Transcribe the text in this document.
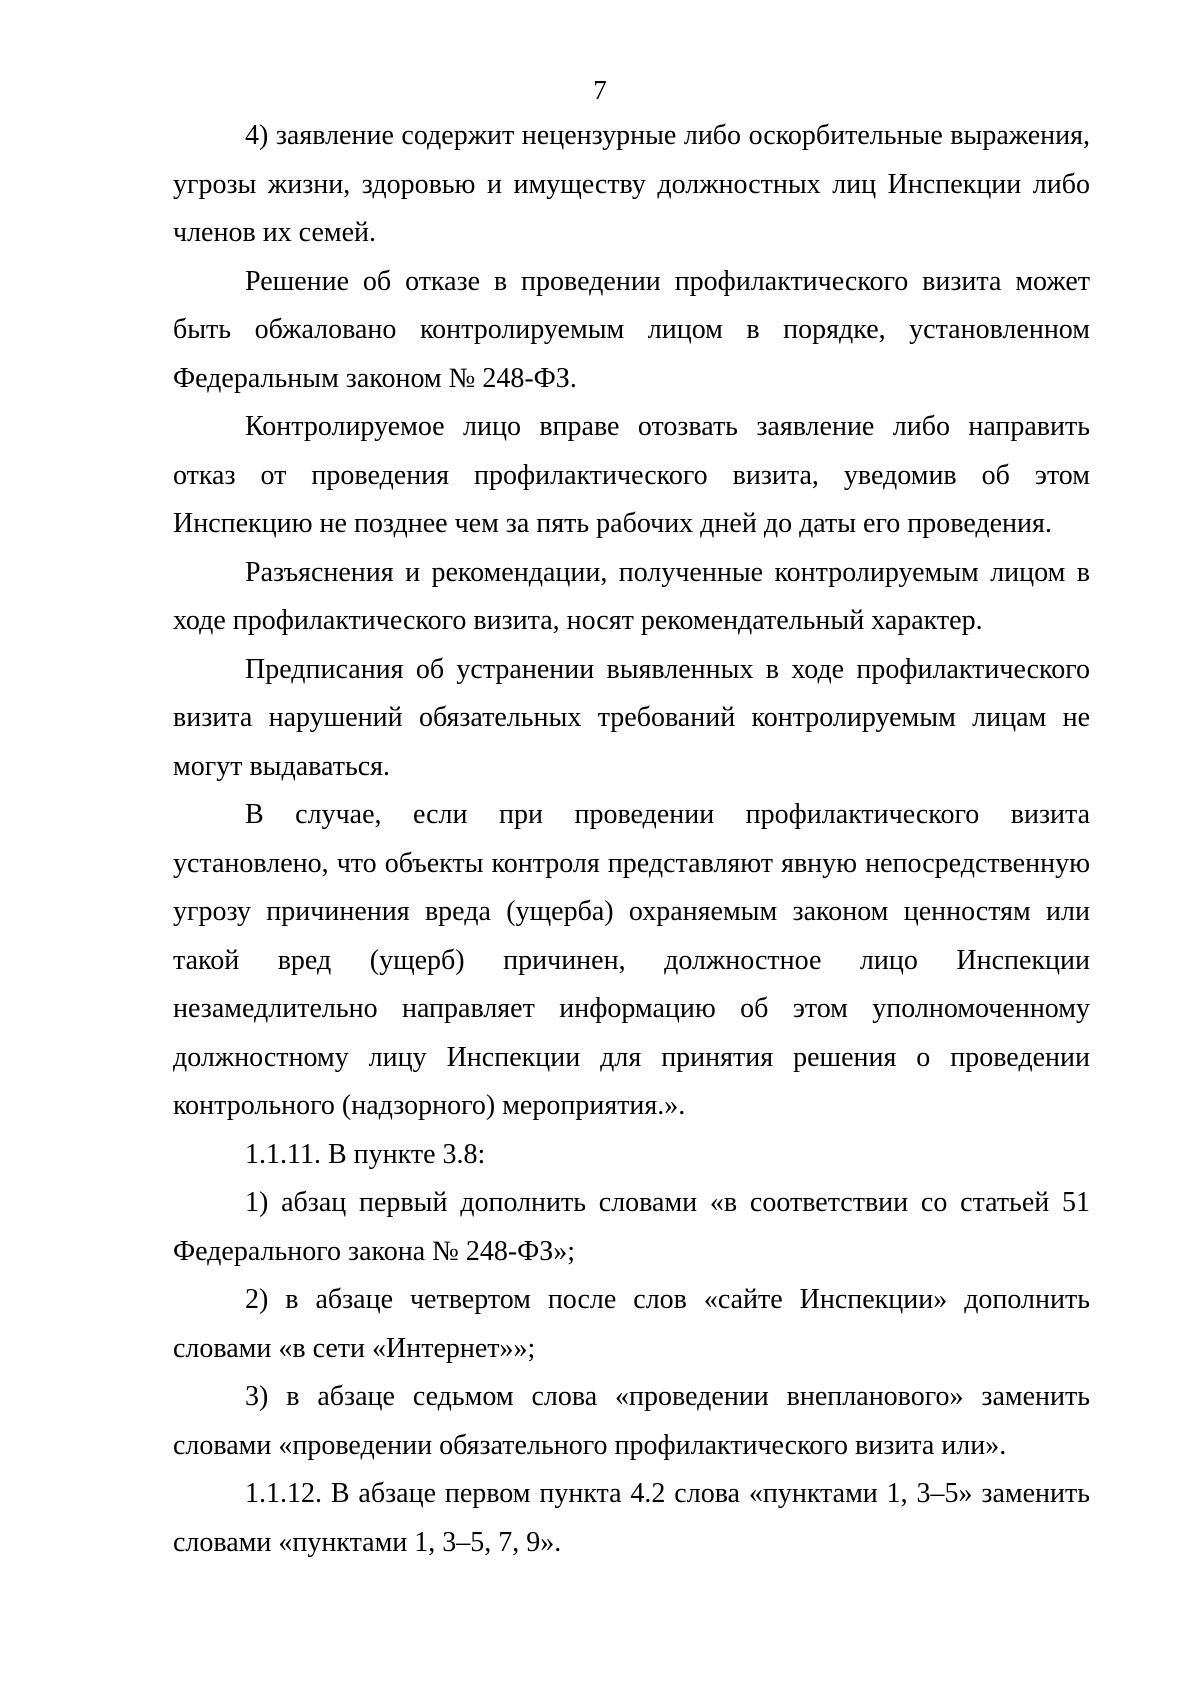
7

4) заявление содержит нецензурные либо оскорбительные выражения, угрозы жизни, здоровью и имуществу должностных лиц Инспекции либо членов их семей.

Решение об отказе в проведении профилактического визита может быть обжаловано контролируемым лицом в порядке, установленном Федеральным законом № 248-ФЗ.

Контролируемое лицо вправе отозвать заявление либо направить отказ от проведения профилактического визита, уведомив об этом Инспекцию не позднее чем за пять рабочих дней до даты его проведения.

Разъяснения и рекомендации, полученные контролируемым лицом в ходе профилактического визита, носят рекомендательный характер.

Предписания об устранении выявленных в ходе профилактического визита нарушений обязательных требований контролируемым лицам не могут выдаваться.

В случае, если при проведении профилактического визита установлено, что объекты контроля представляют явную непосредственную угрозу причинения вреда (ущерба) охраняемым законом ценностям или такой вред (ущерб) причинен, должностное лицо Инспекции незамедлительно направляет информацию об этом уполномоченному должностному лицу Инспекции для принятия решения о проведении контрольного (надзорного) мероприятия.».

1.1.11. В пункте 3.8:

1) абзац первый дополнить словами «в соответствии со статьей 51 Федерального закона № 248-ФЗ»;

2) в абзаце четвертом после слов «сайте Инспекции» дополнить словами «в сети «Интернет»»;

3) в абзаце седьмом слова «проведении внепланового» заменить словами «проведении обязательного профилактического визита или».

1.1.12. В абзаце первом пункта 4.2 слова «пунктами 1, 3–5» заменить словами «пунктами 1, 3–5, 7, 9».
